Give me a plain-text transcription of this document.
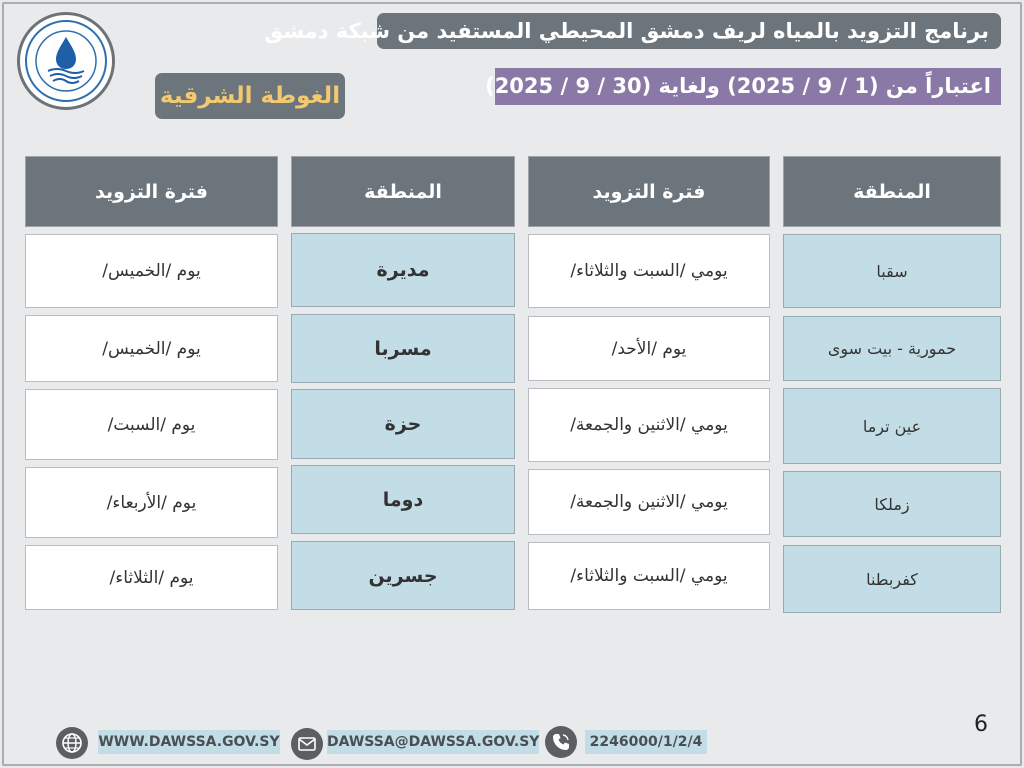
برنامج التزويد بالمياه لريف دمشق المحيطي المستفيد من شبكة دمشق
اعتباراً من (1 / 9 / 2025) ولغاية (30 / 9 / 2025)
الغوطة الشرقية
المنطقة
فترة التزويد
المنطقة
فترة التزويد
سقبا
حمورية - بيت سوى
عين ترما
زملكا
كفربطنا
يومي /السبت والثلاثاء/
يوم /الأحد/
يومي /الاثنين والجمعة/
يومي /الاثنين والجمعة/
يومي /السبت والثلاثاء/
مديرة
مسربا
حزة
دوما
جسرين
يوم /الخميس/
يوم /الخميس/
يوم /السبت/
يوم /الأربعاء/
يوم /الثلاثاء/
6
WWW.DAWSSA.GOV.SY	DAWSSA@DAWSSA.GOV.SY	2246000/1/2/4
